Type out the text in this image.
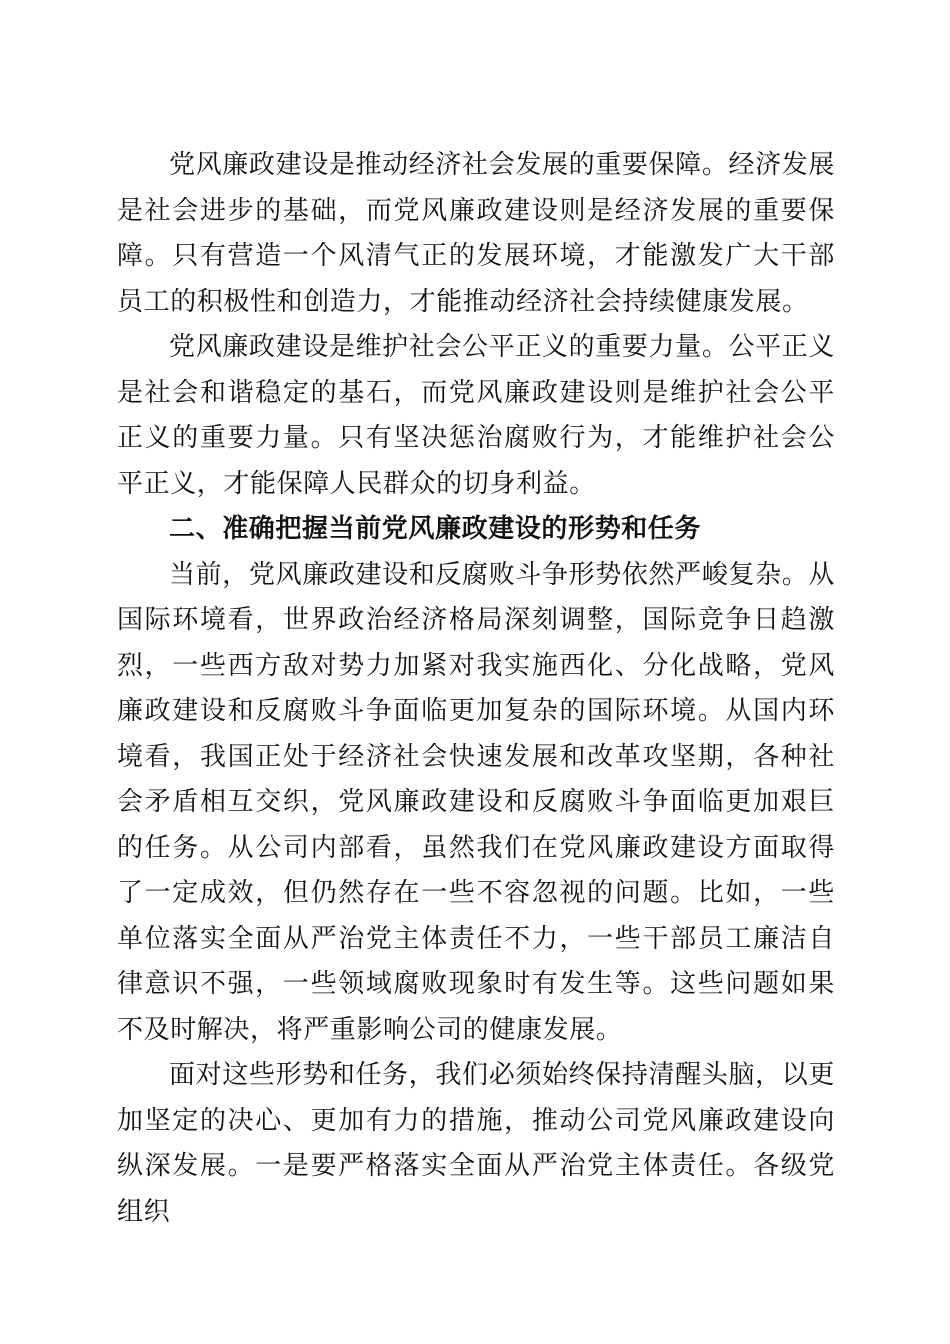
党风廉政建设是推动经济社会发展的重要保障。经济发展是社会进步的基础，而党风廉政建设则是经济发展的重要保障。只有营造一个风清气正的发展环境，才能激发广大干部员工的积极性和创造力，才能推动经济社会持续健康发展。

党风廉政建设是维护社会公平正义的重要力量。公平正义是社会和谐稳定的基石，而党风廉政建设则是维护社会公平正义的重要力量。只有坚决惩治腐败行为，才能维护社会公平正义，才能保障人民群众的切身利益。

二、准确把握当前党风廉政建设的形势和任务

当前，党风廉政建设和反腐败斗争形势依然严峻复杂。从国际环境看，世界政治经济格局深刻调整，国际竞争日趋激烈，一些西方敌对势力加紧对我实施西化、分化战略，党风廉政建设和反腐败斗争面临更加复杂的国际环境。从国内环境看，我国正处于经济社会快速发展和改革攻坚期，各种社会矛盾相互交织，党风廉政建设和反腐败斗争面临更加艰巨的任务。从公司内部看，虽然我们在党风廉政建设方面取得了一定成效，但仍然存在一些不容忽视的问题。比如，一些单位落实全面从严治党主体责任不力，一些干部员工廉洁自律意识不强，一些领域腐败现象时有发生等。这些问题如果不及时解决，将严重影响公司的健康发展。

面对这些形势和任务，我们必须始终保持清醒头脑，以更加坚定的决心、更加有力的措施，推动公司党风廉政建设向纵深发展。一是要严格落实全面从严治党主体责任。各级党组织
